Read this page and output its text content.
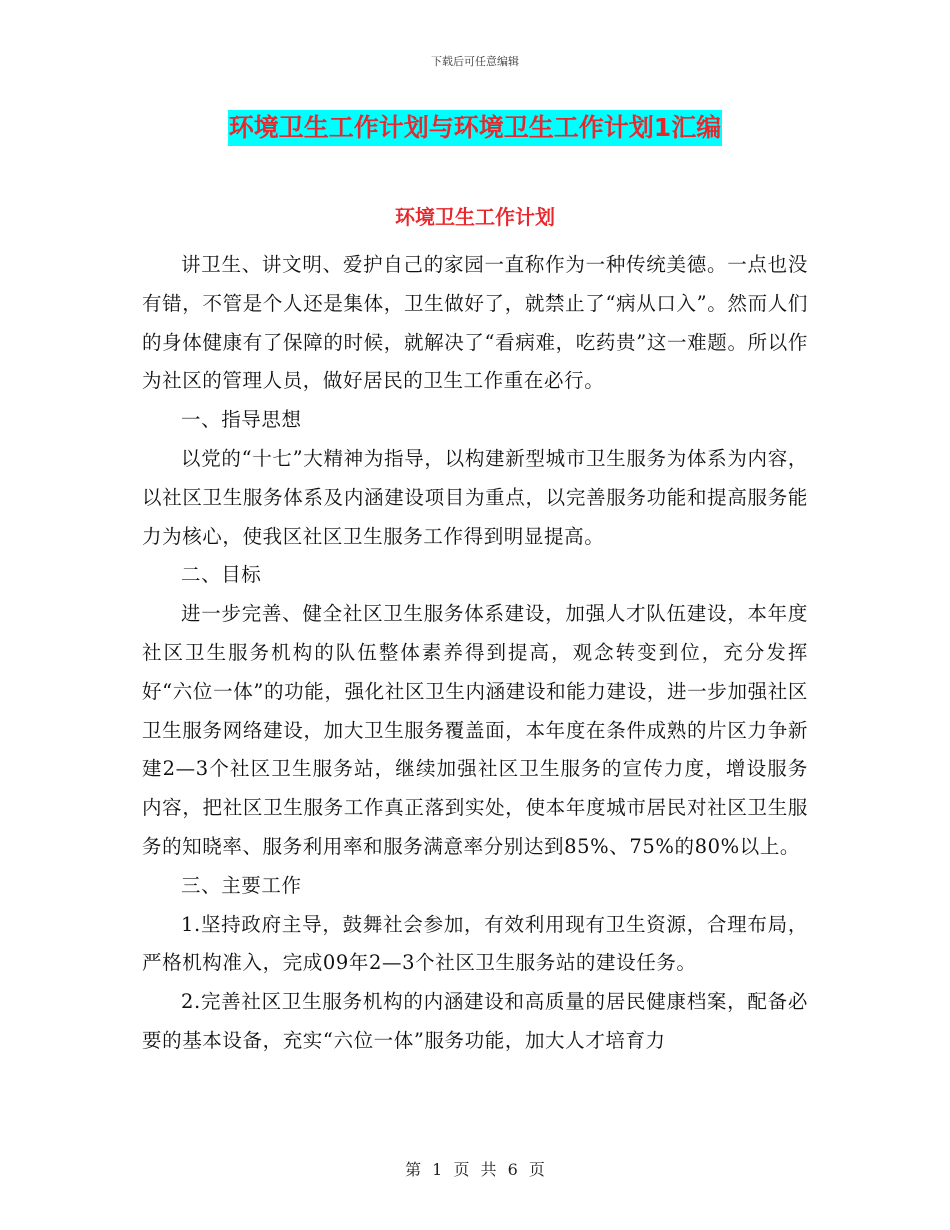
下载后可任意编辑
环境卫生工作计划与环境卫生工作计划1汇编
环境卫生工作计划

讲卫生、讲文明、爱护自己的家园一直称作为一种传统美德。一点也没有错，不管是个人还是集体，卫生做好了，就禁止了“病从口入”。然而人们的身体健康有了保障的时候，就解决了“看病难，吃药贵”这一难题。所以作为社区的管理人员，做好居民的卫生工作重在必行。

一、指导思想

以党的“十七”大精神为指导，以构建新型城市卫生服务为体系为内容，以社区卫生服务体系及内涵建设项目为重点，以完善服务功能和提高服务能力为核心，使我区社区卫生服务工作得到明显提高。

二、目标

进一步完善、健全社区卫生服务体系建设，加强人才队伍建设，本年度社区卫生服务机构的队伍整体素养得到提高，观念转变到位，充分发挥好“六位一体”的功能，强化社区卫生内涵建设和能力建设，进一步加强社区卫生服务网络建设，加大卫生服务覆盖面，本年度在条件成熟的片区力争新建2—3个社区卫生服务站，继续加强社区卫生服务的宣传力度，增设服务内容，把社区卫生服务工作真正落到实处，使本年度城市居民对社区卫生服务的知晓率、服务利用率和服务满意率分别达到85%、75%的80%以上。

三、主要工作

1.坚持政府主导，鼓舞社会参加，有效利用现有卫生资源，合理布局，严格机构准入，完成09年2—3个社区卫生服务站的建设任务。

2.完善社区卫生服务机构的内涵建设和高质量的居民健康档案，配备必要的基本设备，充实“六位一体”服务功能，加大人才培育力

第 1 页 共 6 页
